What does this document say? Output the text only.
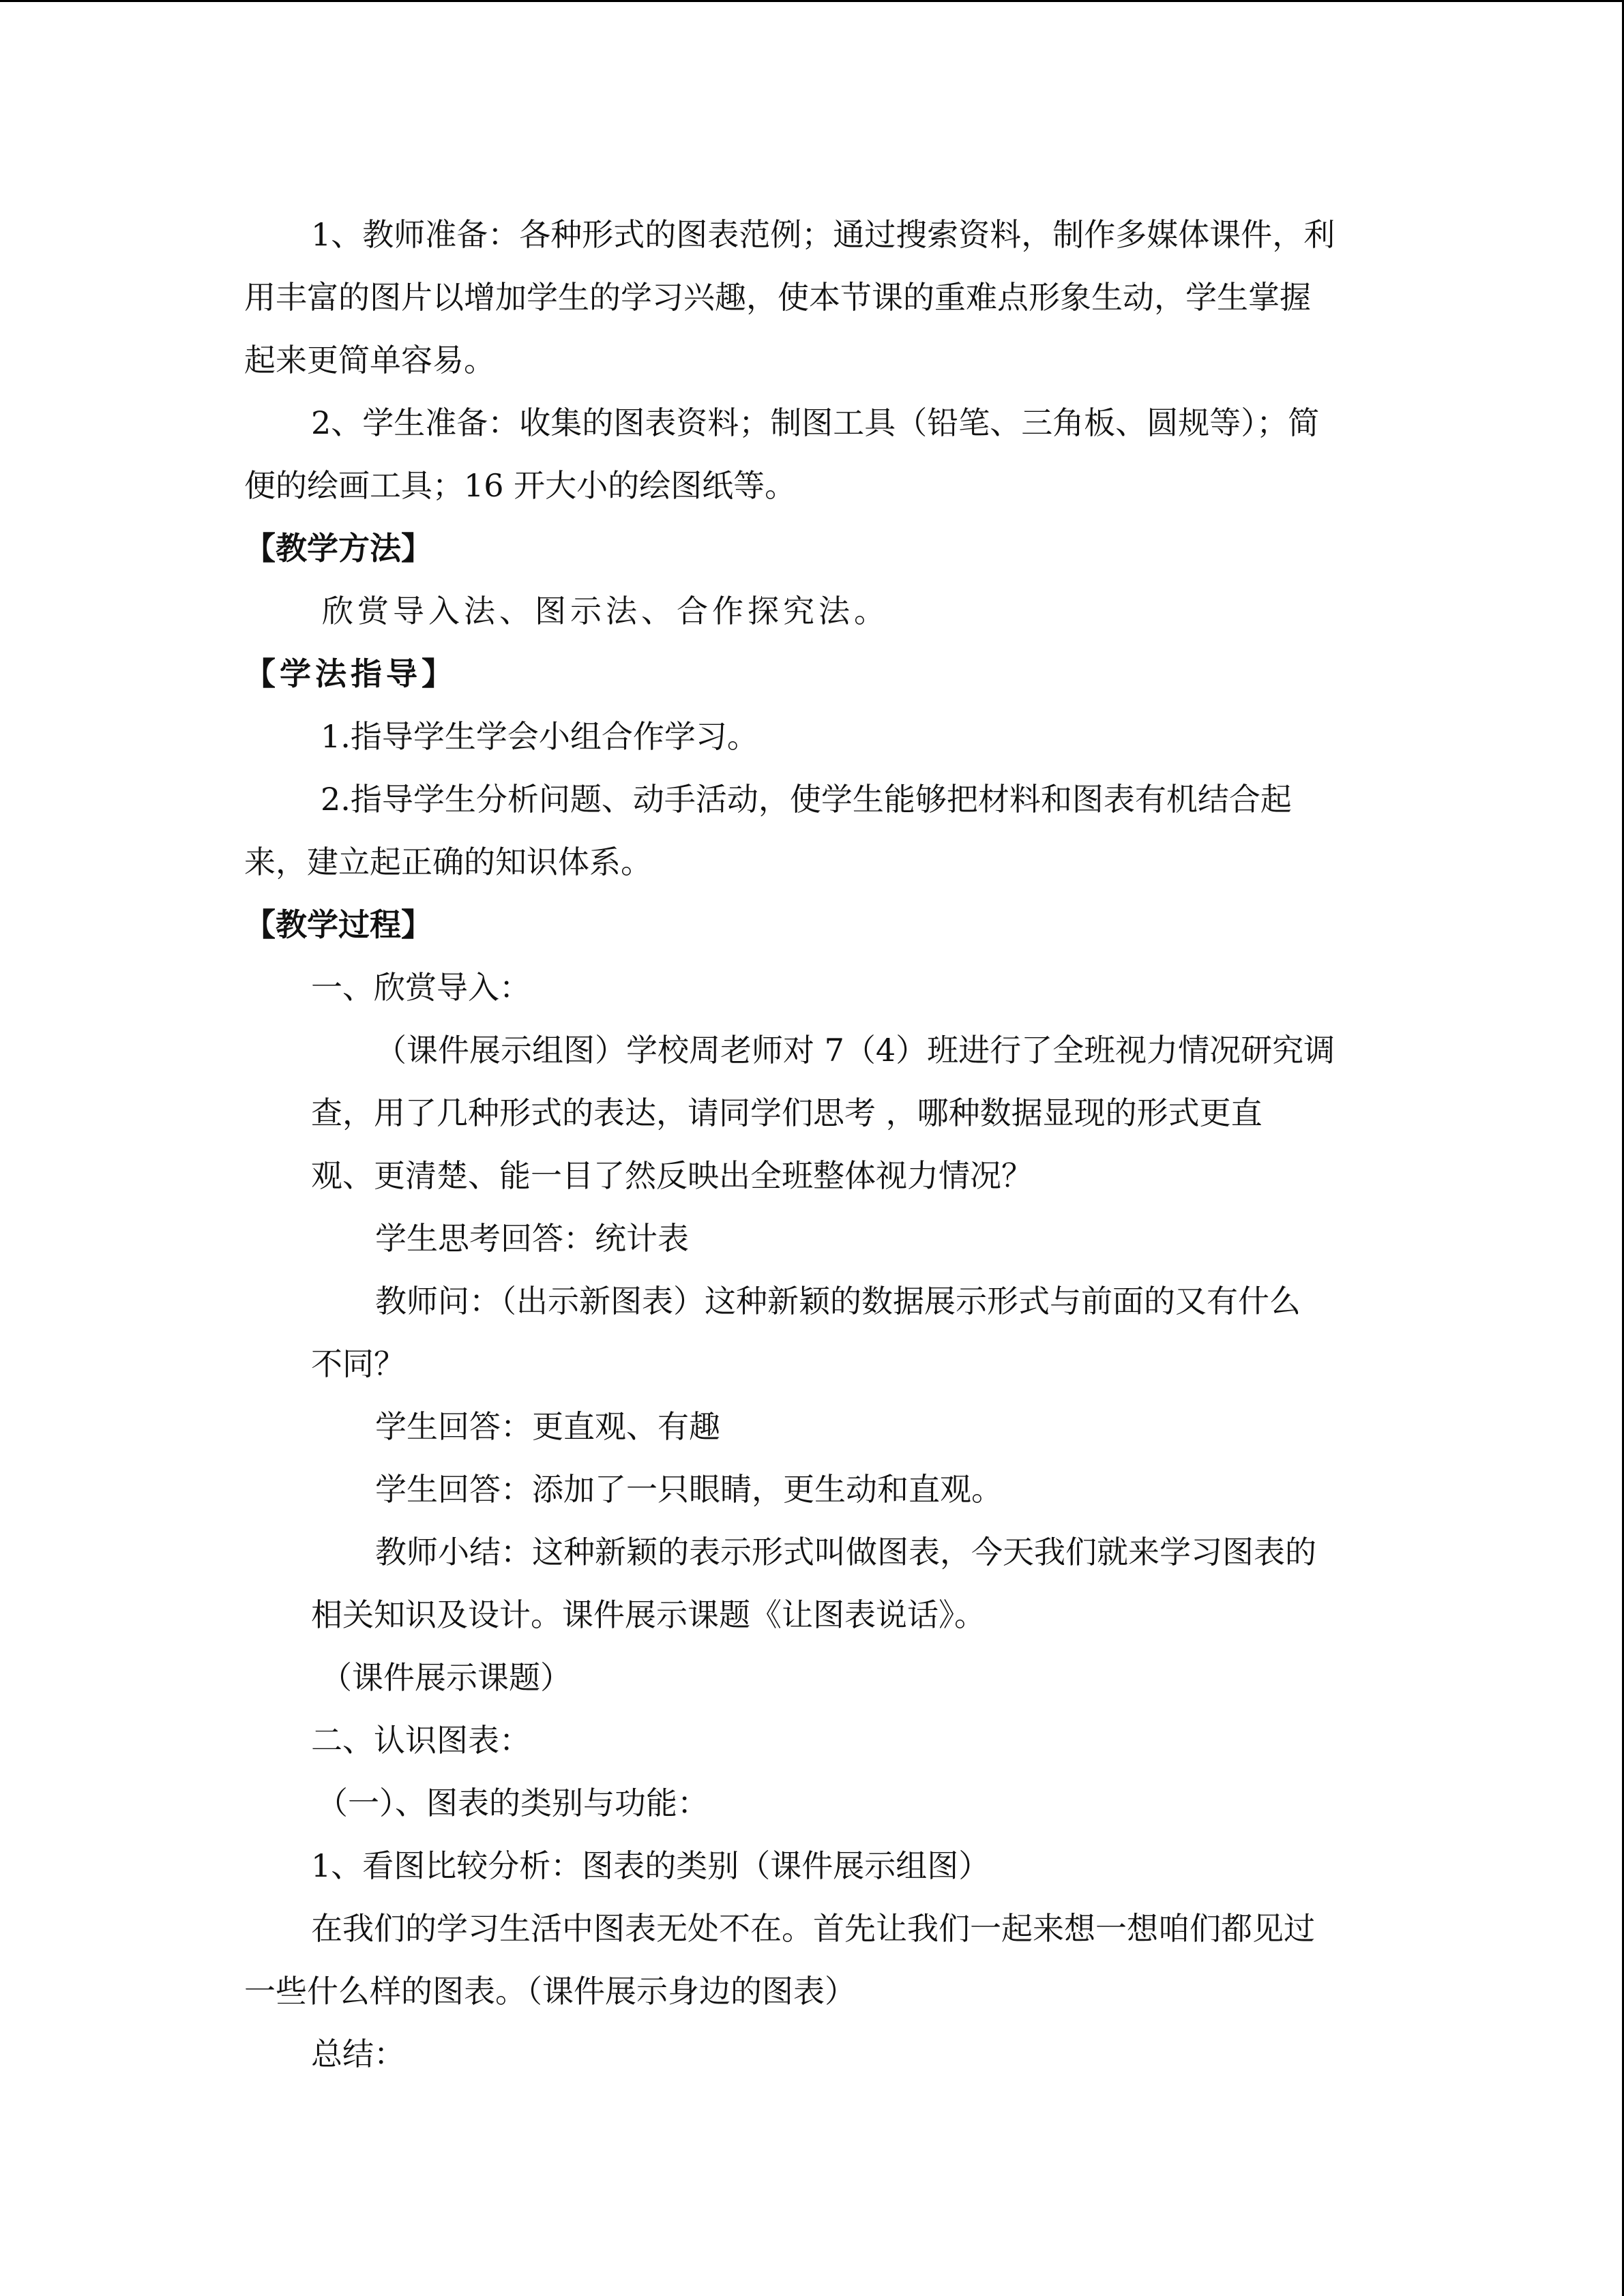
1、教师准备：各种形式的图表范例；通过搜索资料，制作多媒体课件，利
用丰富的图片以增加学生的学习兴趣，使本节课的重难点形象生动，学生掌握
起来更简单容易。
2、学生准备：收集的图表资料；制图工具（铅笔、三角板、圆规等）；简
便的绘画工具；16 开大小的绘图纸等。
【教学方法】
欣赏导入法、图示法、合作探究法。
【学法指导】
1.指导学生学会小组合作学习。
2.指导学生分析问题、动手活动，使学生能够把材料和图表有机结合起
来，建立起正确的知识体系。
【教学过程】
一、欣赏导入：
（课件展示组图）学校周老师对 7（4）班进行了全班视力情况研究调
查，用了几种形式的表达，请同学们思考 ，哪种数据显现的形式更直
观、更清楚、能一目了然反映出全班整体视力情况？
学生思考回答：统计表
教师问：（出示新图表）这种新颖的数据展示形式与前面的又有什么
不同？
学生回答：更直观、有趣
学生回答：添加了一只眼睛，更生动和直观。
教师小结：这种新颖的表示形式叫做图表，今天我们就来学习图表的
相关知识及设计。课件展示课题《让图表说话》。
（课件展示课题）
二、认识图表：
（一）、图表的类别与功能：
1、看图比较分析：图表的类别（课件展示组图）
在我们的学习生活中图表无处不在。首先让我们一起来想一想咱们都见过
一些什么样的图表。（课件展示身边的图表）
总结：
